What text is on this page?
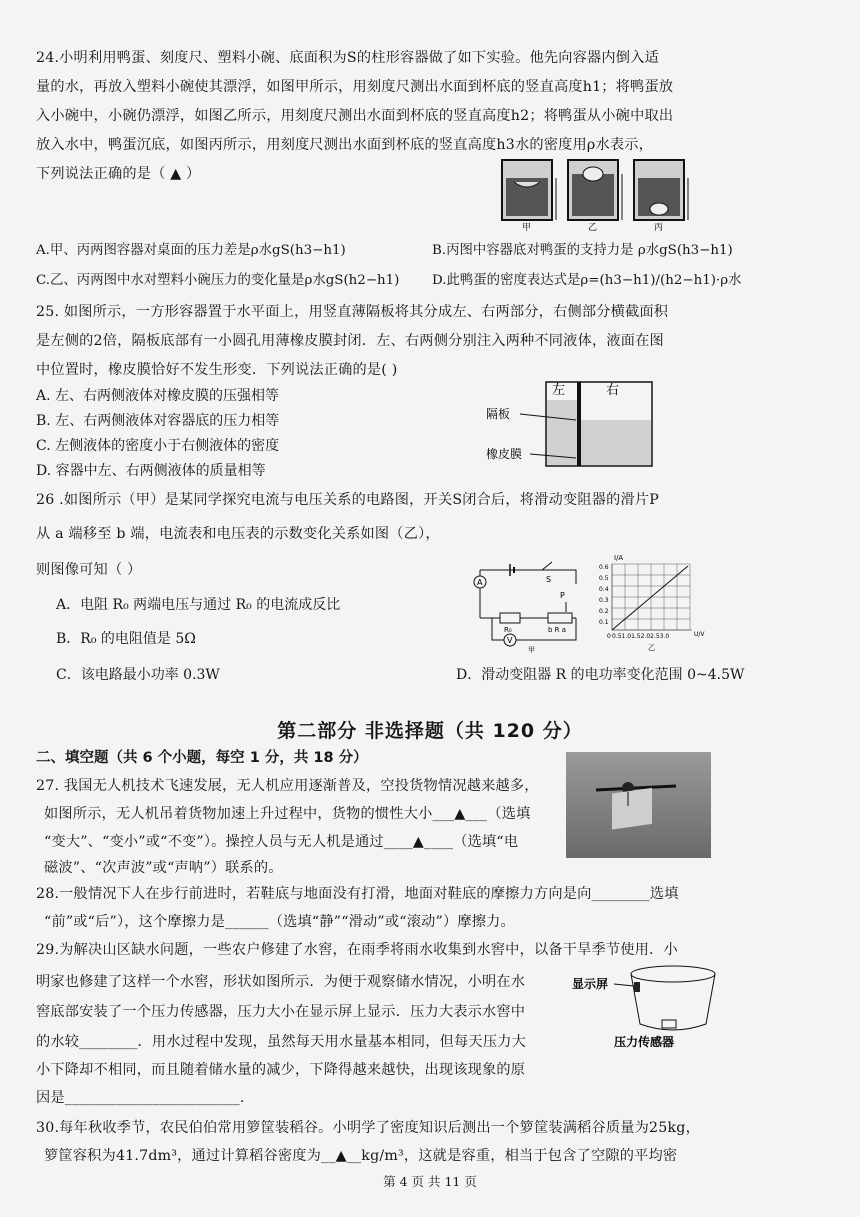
24.小明利用鸭蛋、刻度尺、塑料小碗、底面积为S的柱形容器做了如下实验。他先向容器内倒入适
量的水，再放入塑料小碗使其漂浮，如图甲所示，用刻度尺测出水面到杯底的竖直高度h1；将鸭蛋放
入小碗中，小碗仍漂浮，如图乙所示，用刻度尺测出水面到杯底的竖直高度h2；将鸭蛋从小碗中取出
放入水中，鸭蛋沉底，如图丙所示，用刻度尺测出水面到杯底的竖直高度h3水的密度用ρ水表示，
下列说法正确的是（ ▲ ）
甲	乙	丙
A.甲、丙两图容器对桌面的压力差是ρ水gS(h3−h1)	B.丙图中容器底对鸭蛋的支持力是 ρ水gS(h3−h1)
C.乙、丙两图中水对塑料小碗压力的变化量是ρ水gS(h2−h1) D.此鸭蛋的密度表达式是ρ=(h3−h1)/(h2−h1)·ρ水
25. 如图所示，一方形容器置于水平面上，用竖直薄隔板将其分成左、右两部分，右侧部分横截面积
是左侧的2倍，隔板底部有一小圆孔用薄橡皮膜封闭．左、右两侧分别注入两种不同液体，液面在图
中位置时，橡皮膜恰好不发生形变．下列说法正确的是( )
A. 左、右两侧液体对橡皮膜的压强相等
B. 左、右两侧液体对容器底的压力相等
C. 左侧液体的密度小于右侧液体的密度
D. 容器中左、右两侧液体的质量相等
左	右
隔板
橡皮膜
26 .如图所示（甲）是某同学探究电流与电压关系的电路图，开关S闭合后，将滑动变阻器的滑片P
从 a 端移至 b 端，电流表和电压表的示数变化关系如图（乙），
则图像可知（ ）
A．电阻 R₀ 两端电压与通过 R₀ 的电流成反比
B．R₀ 的电阻值是 5Ω
C．该电路最小功率 0.3W	D．滑动变阻器 R 的电功率变化范围 0~4.5W
S
A
R₀	b R a
P
V
甲
I/A
U/V
0.6
0.5
0.4
0.3
0.2
0.1
0 0.51.01.52.02.53.0
乙
第二部分 非选择题（共 120 分）
二、填空题（共 6 个小题，每空 1 分，共 18 分）
27. 我国无人机技术飞速发展，无人机应用逐渐普及，空投货物情况越来越多，
如图所示，无人机吊着货物加速上升过程中，货物的惯性大小___▲___（选填
“变大”、“变小”或“不变”）。操控人员与无人机是通过____▲____（选填“电
磁波”、“次声波”或“声呐”）联系的。
28.一般情况下人在步行前进时，若鞋底与地面没有打滑，地面对鞋底的摩擦力方向是向________选填
“前”或“后”），这个摩擦力是______（选填“静”“滑动”或“滚动”）摩擦力。
29.为解决山区缺水问题，一些农户修建了水窖，在雨季将雨水收集到水窖中，以备干旱季节使用．小
明家也修建了这样一个水窖，形状如图所示．为便于观察储水情况，小明在水
窖底部安装了一个压力传感器，压力大小在显示屏上显示．压力大表示水窖中
的水较________．用水过程中发现，虽然每天用水量基本相同，但每天压力大
小下降却不相同，而且随着储水量的减少，下降得越来越快，出现该现象的原
因是________________________.
显示屏
压力传感器
30.每年秋收季节，农民伯伯常用箩筐装稻谷。小明学了密度知识后测出一个箩筐装满稻谷质量为25kg，
箩筐容积为41.7dm³，通过计算稻谷密度为__▲__kg/m³，这就是容重，相当于包含了空隙的平均密
第 4 页 共 11 页
